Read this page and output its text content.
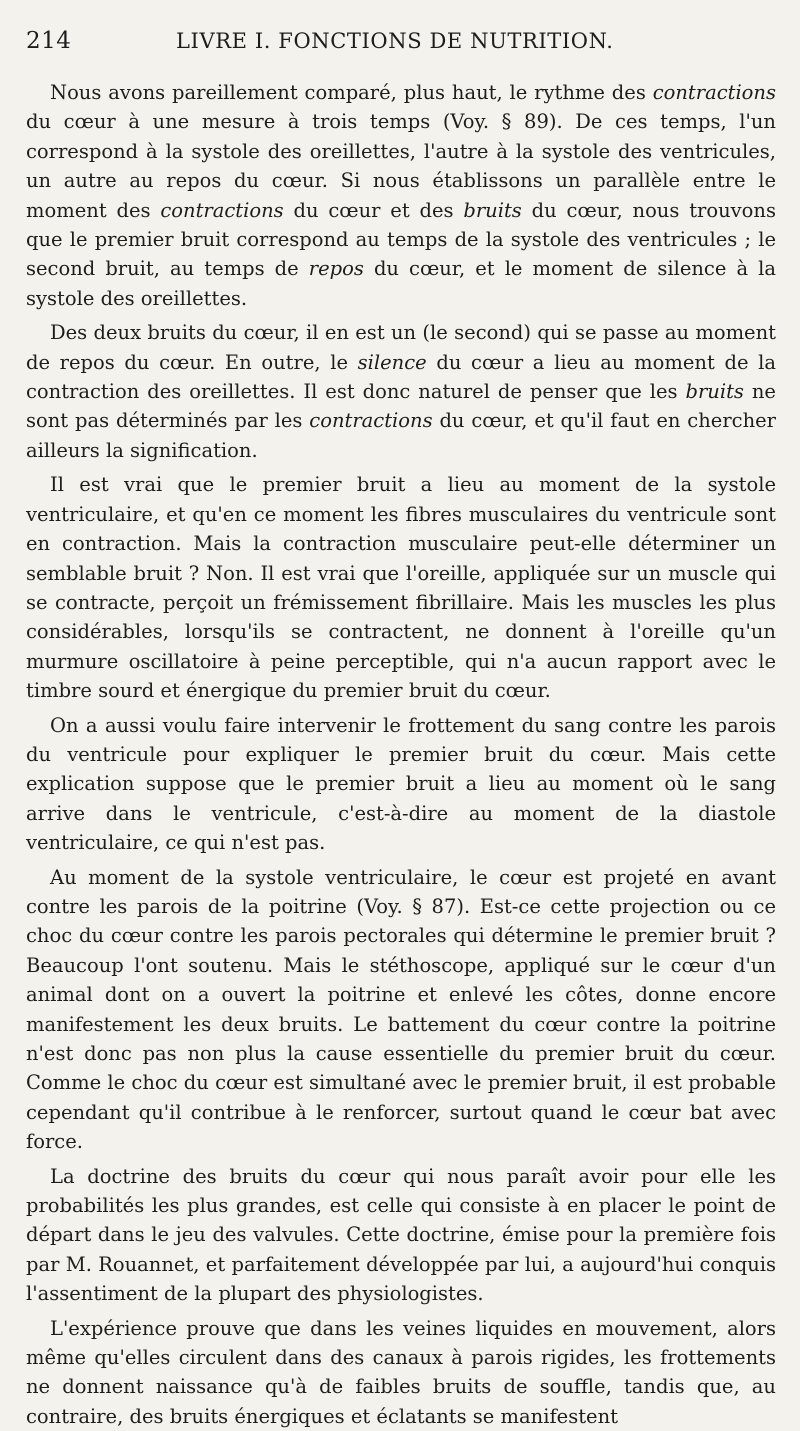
214	LIVRE I. FONCTIONS DE NUTRITION.

Nous avons pareillement comparé, plus haut, le rythme des contractions du cœur à une mesure à trois temps (Voy. § 89). De ces temps, l'un correspond à la systole des oreillettes, l'autre à la systole des ventricules, un autre au repos du cœur. Si nous établissons un parallèle entre le moment des contractions du cœur et des bruits du cœur, nous trouvons que le premier bruit correspond au temps de la systole des ventricules ; le second bruit, au temps de repos du cœur, et le moment de silence à la systole des oreillettes.

Des deux bruits du cœur, il en est un (le second) qui se passe au moment de repos du cœur. En outre, le silence du cœur a lieu au moment de la contraction des oreillettes. Il est donc naturel de penser que les bruits ne sont pas déterminés par les contractions du cœur, et qu'il faut en chercher ailleurs la signification.

Il est vrai que le premier bruit a lieu au moment de la systole ventriculaire, et qu'en ce moment les fibres musculaires du ventricule sont en contraction. Mais la contraction musculaire peut-elle déterminer un semblable bruit ? Non. Il est vrai que l'oreille, appliquée sur un muscle qui se contracte, perçoit un frémissement fibrillaire. Mais les muscles les plus considérables, lorsqu'ils se contractent, ne donnent à l'oreille qu'un murmure oscillatoire à peine perceptible, qui n'a aucun rapport avec le timbre sourd et énergique du premier bruit du cœur.

On a aussi voulu faire intervenir le frottement du sang contre les parois du ventricule pour expliquer le premier bruit du cœur. Mais cette explication suppose que le premier bruit a lieu au moment où le sang arrive dans le ventricule, c'est-à-dire au moment de la diastole ventriculaire, ce qui n'est pas.

Au moment de la systole ventriculaire, le cœur est projeté en avant contre les parois de la poitrine (Voy. § 87). Est-ce cette projection ou ce choc du cœur contre les parois pectorales qui détermine le premier bruit ? Beaucoup l'ont soutenu. Mais le stéthoscope, appliqué sur le cœur d'un animal dont on a ouvert la poitrine et enlevé les côtes, donne encore manifestement les deux bruits. Le battement du cœur contre la poitrine n'est donc pas non plus la cause essentielle du premier bruit du cœur. Comme le choc du cœur est simultané avec le premier bruit, il est probable cependant qu'il contribue à le renforcer, surtout quand le cœur bat avec force.

La doctrine des bruits du cœur qui nous paraît avoir pour elle les probabilités les plus grandes, est celle qui consiste à en placer le point de départ dans le jeu des valvules. Cette doctrine, émise pour la première fois par M. Rouannet, et parfaitement développée par lui, a aujourd'hui conquis l'assentiment de la plupart des physiologistes.

L'expérience prouve que dans les veines liquides en mouvement, alors même qu'elles circulent dans des canaux à parois rigides, les frottements ne donnent naissance qu'à de faibles bruits de souffle, tandis que, au contraire, des bruits énergiques et éclatants se manifestent
